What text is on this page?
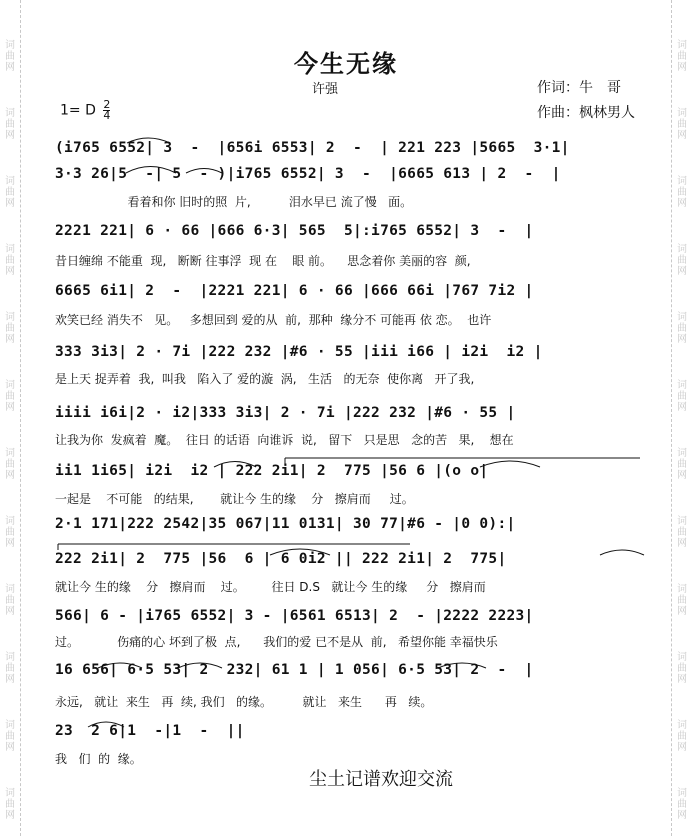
词
曲
网
词
曲
网
词
曲
网
词
曲
网
词
曲
网
词
曲
网
词
曲
网
词
曲
网
词
曲
网
词
曲
网
词
曲
网
词
曲
网
词
曲
网
词
曲
网
词
曲
网
词
曲
网
词
曲
网
词
曲
网
词
曲
网
词
曲
网
词
曲
网
词
曲
网
词
曲
网
词
曲
网
今生无缘
许强	作词：牛　哥
作曲：枫林男人
1= D $\frac{2}{4}$
(i765 6552| 3  -  |656i 6553| 2  -  | 221 223 |5665  3·1|
3·3 26|5  -| 5  - )|i765 6552| 3  -  |6665 613 | 2  -  |
看着和你 旧时的照  片,          泪水早已 流了慢   面。
2221 221| 6 · 66 |666 6·3| 565  5|:i765 6552| 3  -  |
昔日缠绵 不能重  现,   断断 往事浮  现 在    眼 前。    思念着你 美丽的容  颜,
6665 6i1| 2  -  |2221 221| 6 · 66 |666 66i |767 7i2 |
欢笑已经 消失不   见。   多想回到 爱的从  前,  那种  缘分不 可能再 依 恋。  也许
333 3i3| 2 · 7i |222 232 |#6 · 55 |iii i66 | i2i  i2 |
是上天 捉弄着  我,  叫我   陷入了 爱的漩  涡,   生活   的无奈  使你离   开了我,
iiii i6i|2 · i2|333 3i3| 2 · 7i |222 232 |#6 · 55 |
让我为你  发疯着  魔。  往日 的话语  向谁诉  说,   留下   只是思   念的苦   果,    想在
ii1 1i65| i2i  i2 | 222 2i1| 2  775 |56 6 |(o o|
一起是    不可能   的结果,       就让今 生的缘    分   擦肩而     过。
2·1 171|222 2542|35 067|11 0131| 30 77|#6 - |0 0):|
222 2i1| 2  775 |56  6 | 6 0i2 || 222 2i1| 2  775|
就让今 生的缘    分   擦肩而    过。       往日 D.S   就让今 生的缘     分   擦肩而
566| 6 - |i765 6552| 3 - |6561 6513| 2  - |2222 2223|
过。          伤痛的心 坏到了极  点,      我们的爱 已不是从  前,   希望你能 幸福快乐
16 656| 6·5 53| 2  232| 61 1 | 1 056| 6·5 53| 2  -  |
永远,   就让  来生   再  续, 我们   的缘。        就让   来生      再   续。
23  2 6|1  -|1  -  ||
我   们  的  缘。
尘土记谱欢迎交流
